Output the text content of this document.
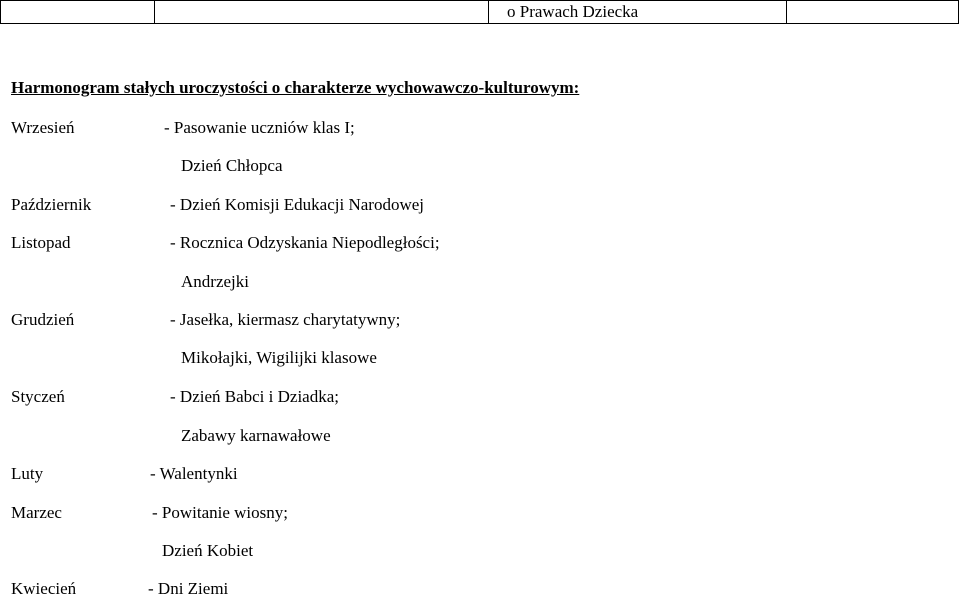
		o Prawach Dziecka	
Harmonogram stałych uroczystości o charakterze wychowawczo-kulturowym:
Wrzesień	- Pasowanie uczniów klas I;
Dzień Chłopca
Październik	- Dzień Komisji Edukacji Narodowej
Listopad	- Rocznica Odzyskania Niepodległości;
Andrzejki
Grudzień	- Jasełka, kiermasz charytatywny;
Mikołajki, Wigilijki klasowe
Styczeń	- Dzień Babci i Dziadka;
Zabawy karnawałowe
Luty	- Walentynki
Marzec	- Powitanie wiosny;
Dzień Kobiet
Kwiecień	- Dni Ziemi
